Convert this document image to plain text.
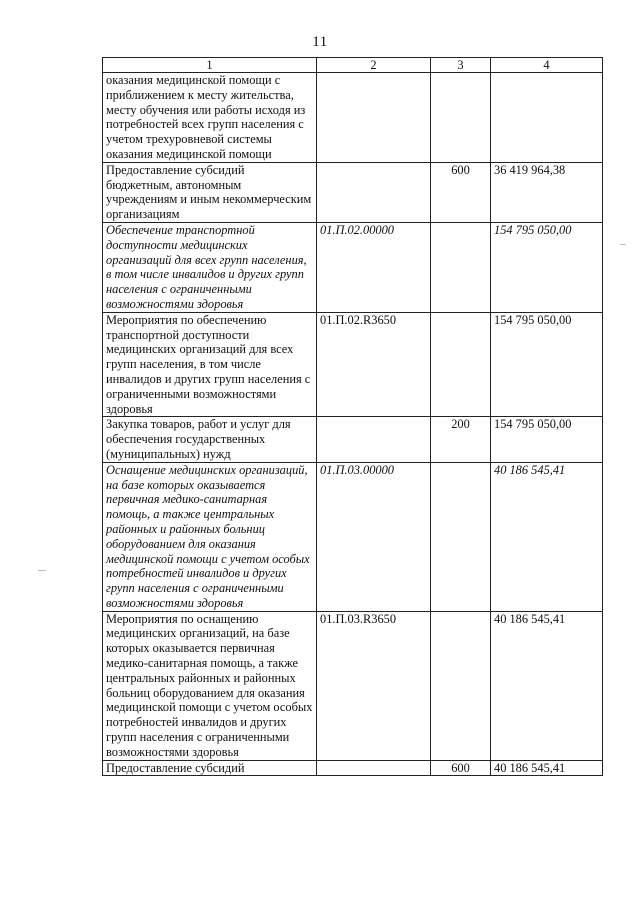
11
1	2	3	4
оказания медицинской помощи с приближением к месту жительства, месту обучения или работы исходя из потребностей всех групп населения с учетом трехуровневой системы оказания медицинской помощи			
Предоставление субсидий бюджетным, автономным учреждениям и иным некоммерческим организациям		600	36 419 964,38
Обеспечение транспортной доступности медицинских организаций для всех групп населения, в том числе инвалидов и других групп населения с ограниченными возможностями здоровья	01.П.02.00000		154 795 050,00
Мероприятия по обеспечению транспортной доступности медицинских организаций для всех групп населения, в том числе инвалидов и других групп населения с ограниченными возможностями здоровья	01.П.02.R3650		154 795 050,00
Закупка товаров, работ и услуг для обеспечения государственных (муниципальных) нужд		200	154 795 050,00
Оснащение медицинских организаций, на базе которых оказывается первичная медико-санитарная помощь, а также центральных районных и районных больниц оборудованием для оказания медицинской помощи с учетом особых потребностей инвалидов и других групп населения с ограниченными возможностями здоровья	01.П.03.00000		40 186 545,41
Мероприятия по оснащению медицинских организаций, на базе которых оказывается первичная медико-санитарная помощь, а также центральных районных и районных больниц оборудованием для оказания медицинской помощи с учетом особых потребностей инвалидов и других групп населения с ограниченными возможностями здоровья	01.П.03.R3650		40 186 545,41
Предоставление субсидий		600	40 186 545,41
